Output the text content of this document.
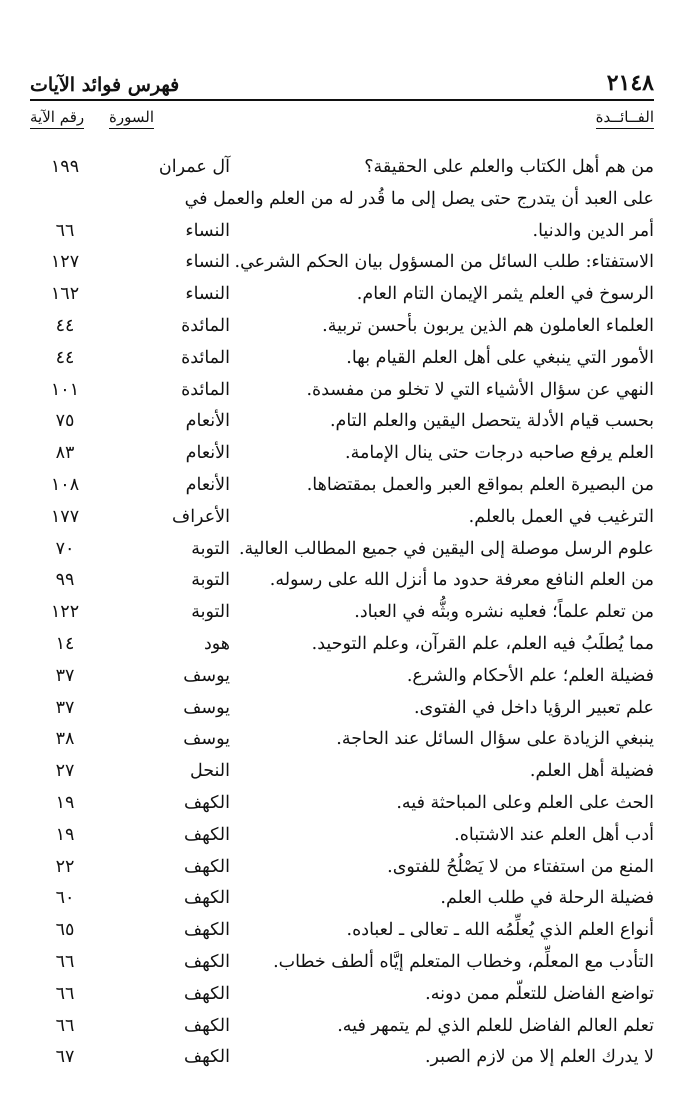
٢١٤٨
فهرس فوائد الآيات
الفــائــدة
السورة
رقم الآية
من هم أهل الكتاب والعلم على الحقيقة؟
آل عمران
١٩٩
على العبد أن يتدرج حتى يصل إلى ما قُدر له من العلم والعمل في
أمر الدين والدنيا.
النساء
٦٦
الاستفتاء: طلب السائل من المسؤول بيان الحكم الشرعي.
النساء
١٢٧
الرسوخ في العلم يثمر الإيمان التام العام.
النساء
١٦٢
العلماء العاملون هم الذين يربون بأحسن تربية.
المائدة
٤٤
الأمور التي ينبغي على أهل العلم القيام بها.
المائدة
٤٤
النهي عن سؤال الأشياء التي لا تخلو من مفسدة.
المائدة
١٠١
بحسب قيام الأدلة يتحصل اليقين والعلم التام.
الأنعام
٧٥
العلم يرفع صاحبه درجات حتى ينال الإمامة.
الأنعام
٨٣
من البصيرة العلم بمواقع العبر والعمل بمقتضاها.
الأنعام
١٠٨
الترغيب في العمل بالعلم.
الأعراف
١٧٧
علوم الرسل موصلة إلى اليقين في جميع المطالب العالية.
التوبة
٧٠
من العلم النافع معرفة حدود ما أنزل الله على رسوله.
التوبة
٩٩
من تعلم علماً؛ فعليه نشره وبثُّه في العباد.
التوبة
١٢٢
مما يُطلَبُ فيه العلم، علم القرآن، وعلم التوحيد.
هود
١٤
فضيلة العلم؛ علم الأحكام والشرع.
يوسف
٣٧
علم تعبير الرؤيا داخل في الفتوى.
يوسف
٣٧
ينبغي الزيادة على سؤال السائل عند الحاجة.
يوسف
٣٨
فضيلة أهل العلم.
النحل
٢٧
الحث على العلم وعلى المباحثة فيه.
الكهف
١٩
أدب أهل العلم عند الاشتباه.
الكهف
١٩
المنع من استفتاء من لا يَصْلُحُ للفتوى.
الكهف
٢٢
فضيلة الرحلة في طلب العلم.
الكهف
٦٠
أنواع العلم الذي يُعلِّمُه الله ـ تعالى ـ لعباده.
الكهف
٦٥
التأدب مع المعلِّم، وخطاب المتعلم إيَّاه ألطف خطاب.
الكهف
٦٦
تواضع الفاضل للتعلّم ممن دونه.
الكهف
٦٦
تعلم العالم الفاضل للعلم الذي لم يتمهر فيه.
الكهف
٦٦
لا يدرك العلم إلا من لازم الصبر.
الكهف
٦٧
